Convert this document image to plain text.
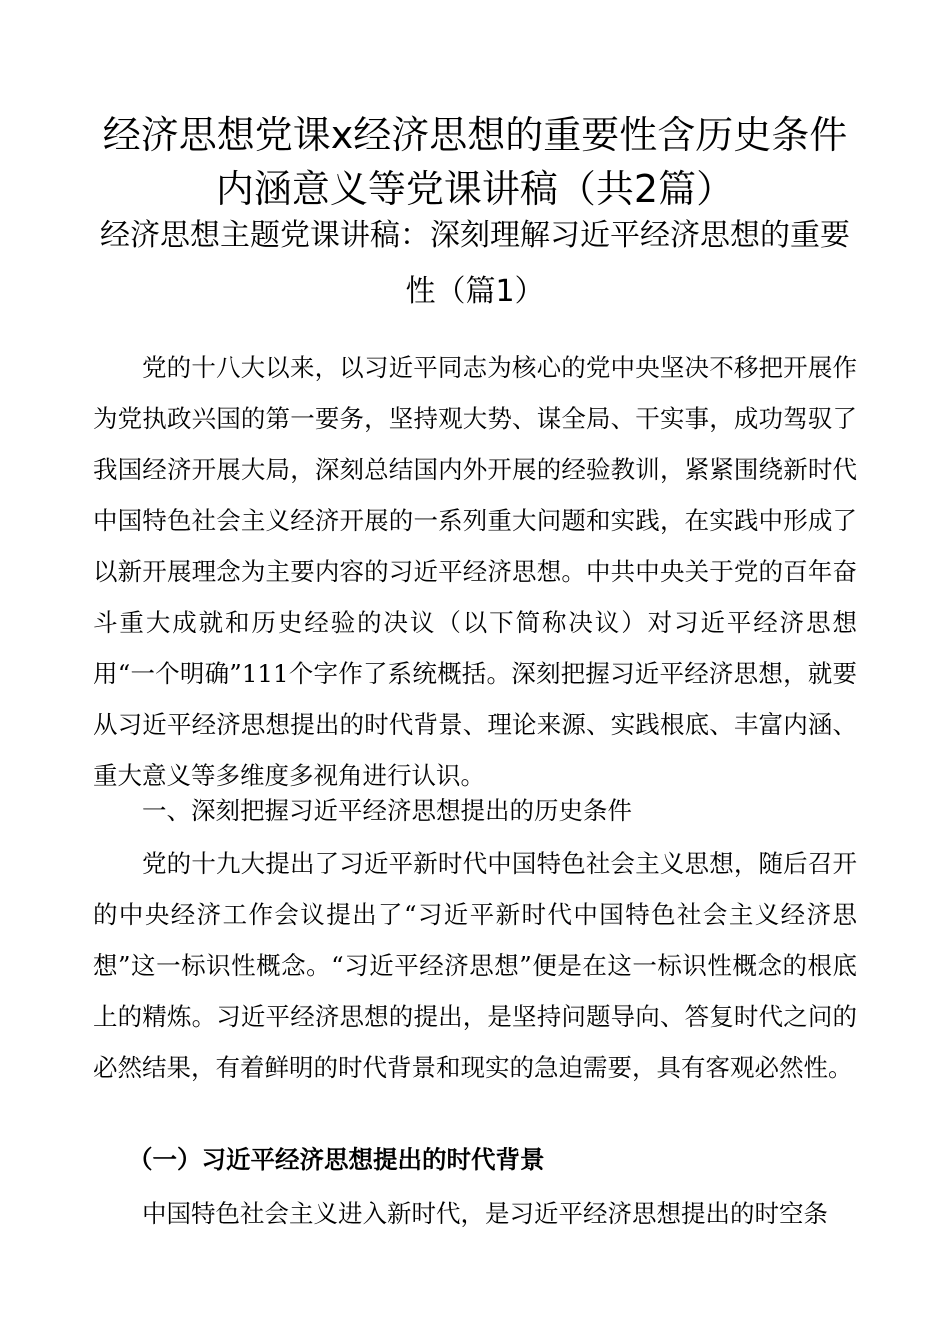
经济思想党课x经济思想的重要性含历史条件内涵意义等党课讲稿（共2篇）
经济思想主题党课讲稿：深刻理解习近平经济思想的重要性（篇1）

党的十八大以来，以习近平同志为核心的党中央坚决不移把开展作为党执政兴国的第一要务，坚持观大势、谋全局、干实事，成功驾驭了我国经济开展大局，深刻总结国内外开展的经验教训，紧紧围绕新时代中国特色社会主义经济开展的一系列重大问题和实践，在实践中形成了以新开展理念为主要内容的习近平经济思想。中共中央关于党的百年奋斗重大成就和历史经验的决议（以下简称决议）对习近平经济思想用“一个明确”111个字作了系统概括。深刻把握习近平经济思想，就要从习近平经济思想提出的时代背景、理论来源、实践根底、丰富内涵、重大意义等多维度多视角进行认识。

一、深刻把握习近平经济思想提出的历史条件

党的十九大提出了习近平新时代中国特色社会主义思想，随后召开的中央经济工作会议提出了“习近平新时代中国特色社会主义经济思想”这一标识性概念。“习近平经济思想”便是在这一标识性概念的根底上的精炼。习近平经济思想的提出，是坚持问题导向、答复时代之问的必然结果，有着鲜明的时代背景和现实的急迫需要，具有客观必然性。

（一）习近平经济思想提出的时代背景

中国特色社会主义进入新时代，是习近平经济思想提出的时空条
